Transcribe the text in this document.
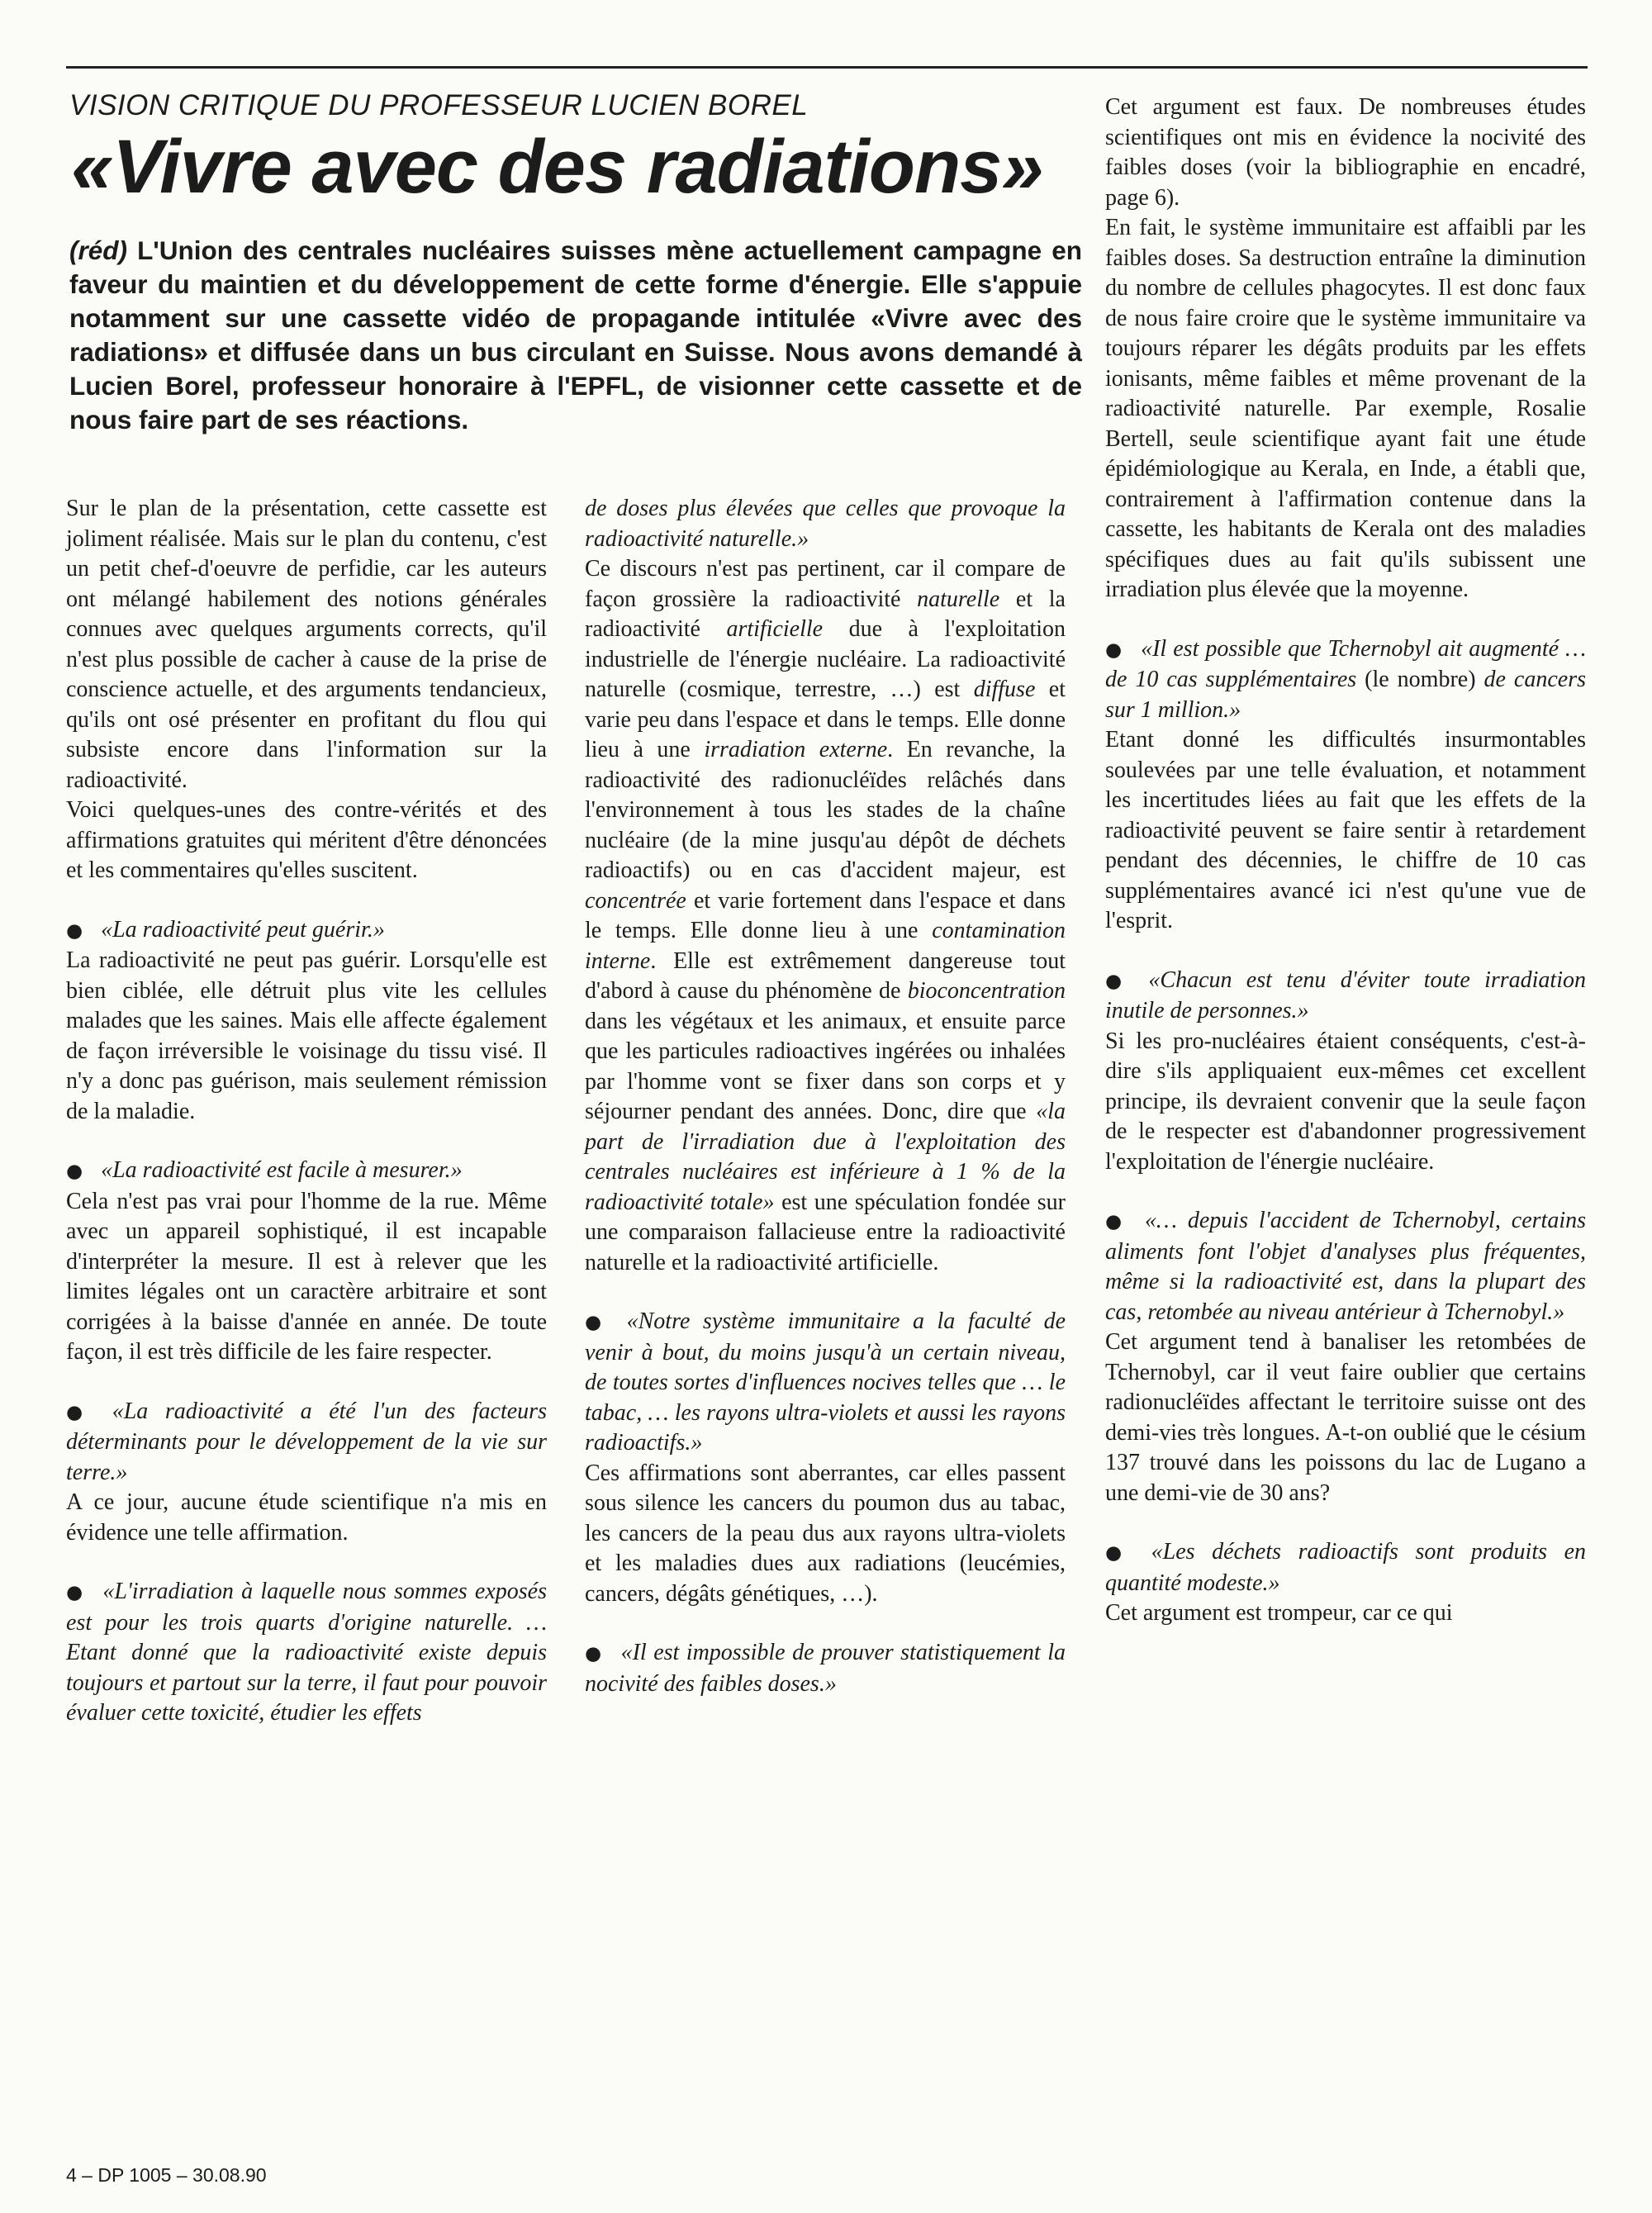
VISION CRITIQUE DU PROFESSEUR LUCIEN BOREL
«Vivre avec des radiations»
(réd) L'Union des centrales nucléaires suisses mène actuellement campagne en faveur du maintien et du développement de cette forme d'énergie. Elle s'appuie notamment sur une cassette vidéo de propagande intitulée «Vivre avec des radiations» et diffusée dans un bus circulant en Suisse. Nous avons demandé à Lucien Borel, professeur honoraire à l'EPFL, de visionner cette cassette et de nous faire part de ses réactions.

Sur le plan de la présentation, cette cassette est joliment réalisée. Mais sur le plan du contenu, c'est un petit chef-d'oeuvre de perfidie, car les auteurs ont mélangé habilement des notions générales connues avec quelques arguments corrects, qu'il n'est plus possible de cacher à cause de la prise de conscience actuelle, et des arguments tendancieux, qu'ils ont osé présenter en profitant du flou qui subsiste encore dans l'information sur la radioactivité.

Voici quelques-unes des contre-vérités et des affirmations gratuites qui méritent d'être dénoncées et les commentaires qu'elles suscitent.

● «La radioactivité peut guérir.»

La radioactivité ne peut pas guérir. Lorsqu'elle est bien ciblée, elle détruit plus vite les cellules malades que les saines. Mais elle affecte également de façon irréversible le voisinage du tissu visé. Il n'y a donc pas guérison, mais seulement rémission de la maladie.

● «La radioactivité est facile à mesurer.»

Cela n'est pas vrai pour l'homme de la rue. Même avec un appareil sophistiqué, il est incapable d'interpréter la mesure. Il est à relever que les limites légales ont un caractère arbitraire et sont corrigées à la baisse d'année en année. De toute façon, il est très difficile de les faire respecter.

● «La radioactivité a été l'un des facteurs déterminants pour le développement de la vie sur terre.»

A ce jour, aucune étude scientifique n'a mis en évidence une telle affirmation.

● «L'irradiation à laquelle nous sommes exposés est pour les trois quarts d'origine naturelle. … Etant donné que la radioactivité existe depuis toujours et partout sur la terre, il faut pour pouvoir évaluer cette toxicité, étudier les effets

de doses plus élevées que celles que provoque la radioactivité naturelle.»

Ce discours n'est pas pertinent, car il compare de façon grossière la radioactivité naturelle et la radioactivité artificielle due à l'exploitation industrielle de l'énergie nucléaire. La radioactivité naturelle (cosmique, terrestre, …) est diffuse et varie peu dans l'espace et dans le temps. Elle donne lieu à une irradiation externe. En revanche, la radioactivité des radionucléïdes relâchés dans l'environnement à tous les stades de la chaîne nucléaire (de la mine jusqu'au dépôt de déchets radioactifs) ou en cas d'accident majeur, est concentrée et varie fortement dans l'espace et dans le temps. Elle donne lieu à une contamination interne. Elle est extrêmement dangereuse tout d'abord à cause du phénomène de bioconcentration dans les végétaux et les animaux, et ensuite parce que les particules radioactives ingérées ou inhalées par l'homme vont se fixer dans son corps et y séjourner pendant des années. Donc, dire que «la part de l'irradiation due à l'exploitation des centrales nucléaires est inférieure à 1 % de la radioactivité totale» est une spéculation fondée sur une comparaison fallacieuse entre la radioactivité naturelle et la radioactivité artificielle.

● «Notre système immunitaire a la faculté de venir à bout, du moins jusqu'à un certain niveau, de toutes sortes d'influences nocives telles que … le tabac, … les rayons ultra-violets et aussi les rayons radioactifs.»

Ces affirmations sont aberrantes, car elles passent sous silence les cancers du poumon dus au tabac, les cancers de la peau dus aux rayons ultra-violets et les maladies dues aux radiations (leucémies, cancers, dégâts génétiques, …).

● «Il est impossible de prouver statistiquement la nocivité des faibles doses.»

Cet argument est faux. De nombreuses études scientifiques ont mis en évidence la nocivité des faibles doses (voir la bibliographie en encadré, page 6).

En fait, le système immunitaire est affaibli par les faibles doses. Sa destruction entraîne la diminution du nombre de cellules phagocytes. Il est donc faux de nous faire croire que le système immunitaire va toujours réparer les dégâts produits par les effets ionisants, même faibles et même provenant de la radioactivité naturelle. Par exemple, Rosalie Bertell, seule scientifique ayant fait une étude épidémiologique au Kerala, en Inde, a établi que, contrairement à l'affirmation contenue dans la cassette, les habitants de Kerala ont des maladies spécifiques dues au fait qu'ils subissent une irradiation plus élevée que la moyenne.

● «Il est possible que Tchernobyl ait augmenté … de 10 cas supplémentaires (le nombre) de cancers sur 1 million.»

Etant donné les difficultés insurmontables soulevées par une telle évaluation, et notamment les incertitudes liées au fait que les effets de la radioactivité peuvent se faire sentir à retardement pendant des décennies, le chiffre de 10 cas supplémentaires avancé ici n'est qu'une vue de l'esprit.

● «Chacun est tenu d'éviter toute irradiation inutile de personnes.»

Si les pro-nucléaires étaient conséquents, c'est-à-dire s'ils appliquaient eux-mêmes cet excellent principe, ils devraient convenir que la seule façon de le respecter est d'abandonner progressivement l'exploitation de l'énergie nucléaire.

● «… depuis l'accident de Tchernobyl, certains aliments font l'objet d'analyses plus fréquentes, même si la radioactivité est, dans la plupart des cas, retombée au niveau antérieur à Tchernobyl.»

Cet argument tend à banaliser les retombées de Tchernobyl, car il veut faire oublier que certains radionucléïdes affectant le territoire suisse ont des demi-vies très longues. A-t-on oublié que le césium 137 trouvé dans les poissons du lac de Lugano a une demi-vie de 30 ans?

● «Les déchets radioactifs sont produits en quantité modeste.»

Cet argument est trompeur, car ce qui

4 – DP 1005 – 30.08.90
